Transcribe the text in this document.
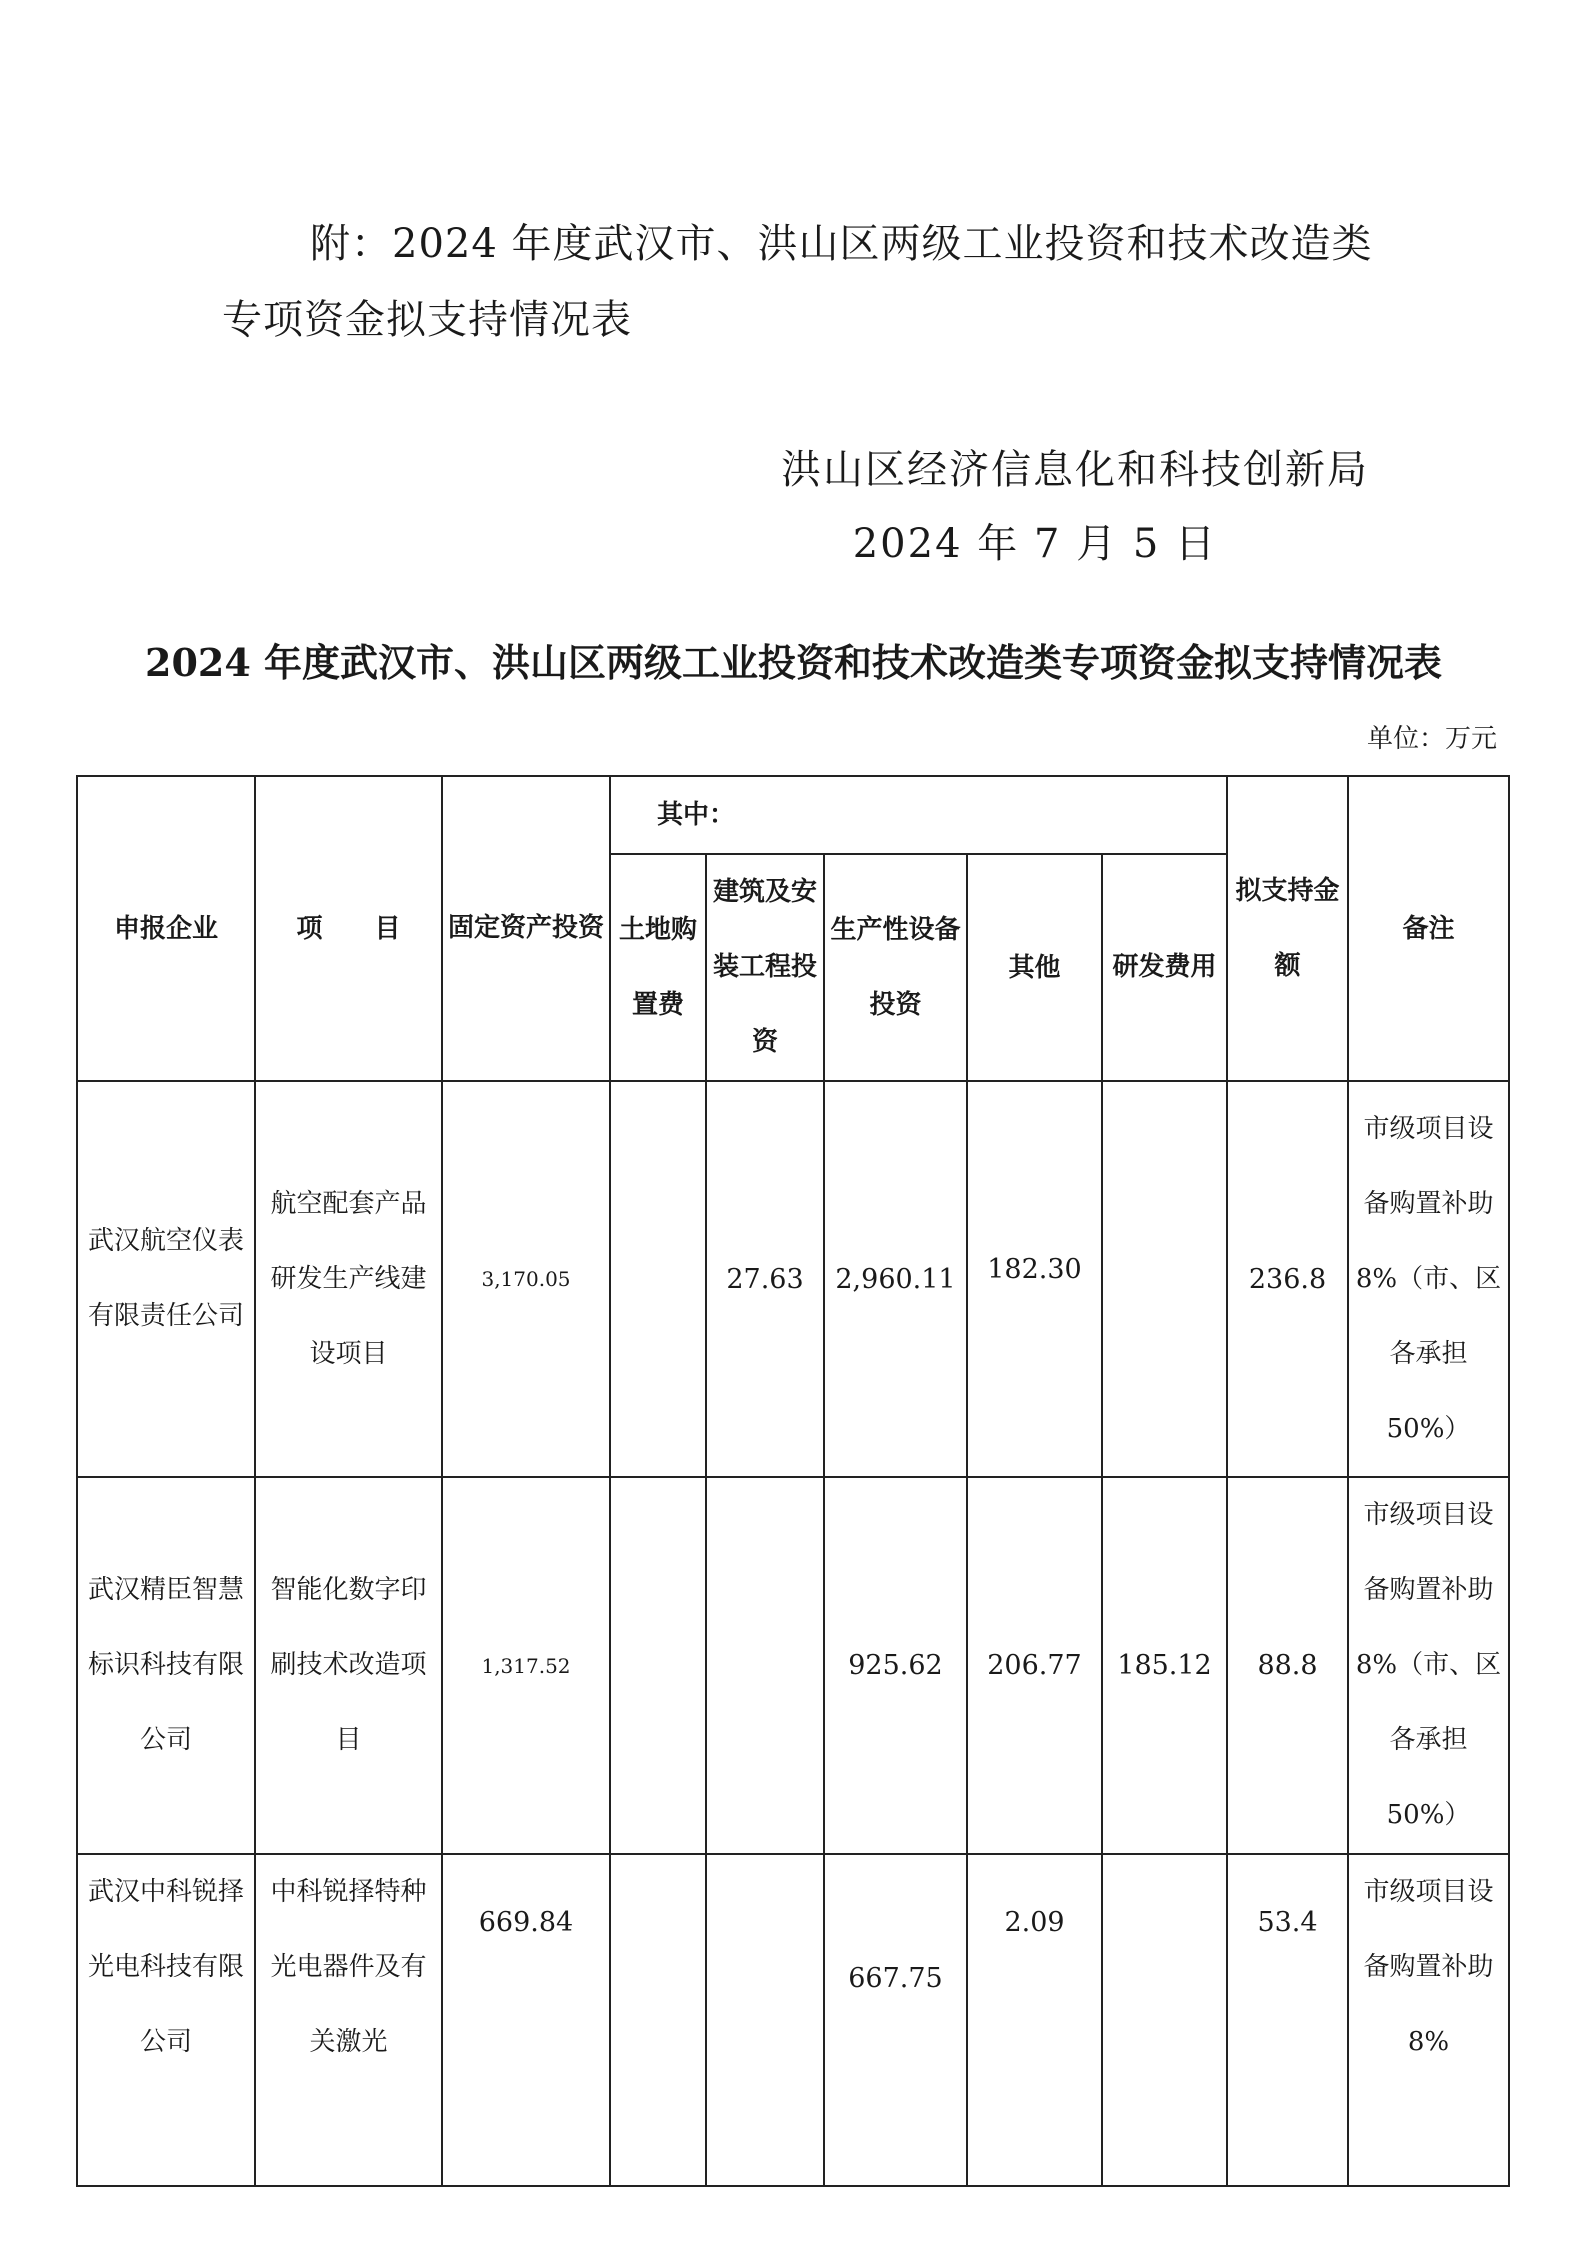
附：2024 年度武汉市、洪山区两级工业投资和技术改造类
专项资金拟支持情况表
洪山区经济信息化和科技创新局
2024 年 7 月 5 日
2024 年度武汉市、洪山区两级工业投资和技术改造类专项资金拟支持情况表
单位：万元
申报企业	项　　目	固定资产投资	其中：					拟支持金额	备注
			土地购置费	建筑及安装工程投资	生产性设备投资	其他	研发费用		
武汉航空仪表有限责任公司	航空配套产品研发生产线建设项目	3,170.05		27.63	2,960.11	182.30		236.8	市级项目设备购置补助 8%（市、区各承担 50%）
武汉精臣智慧标识科技有限公司	智能化数字印刷技术改造项目	1,317.52			925.62	206.77	185.12	88.8	市级项目设备购置补助 8%（市、区各承担 50%）
武汉中科锐择光电科技有限公司	中科锐择特种光电器件及有关激光	669.84			667.75	2.09		53.4	市级项目设备购置补助 8%
